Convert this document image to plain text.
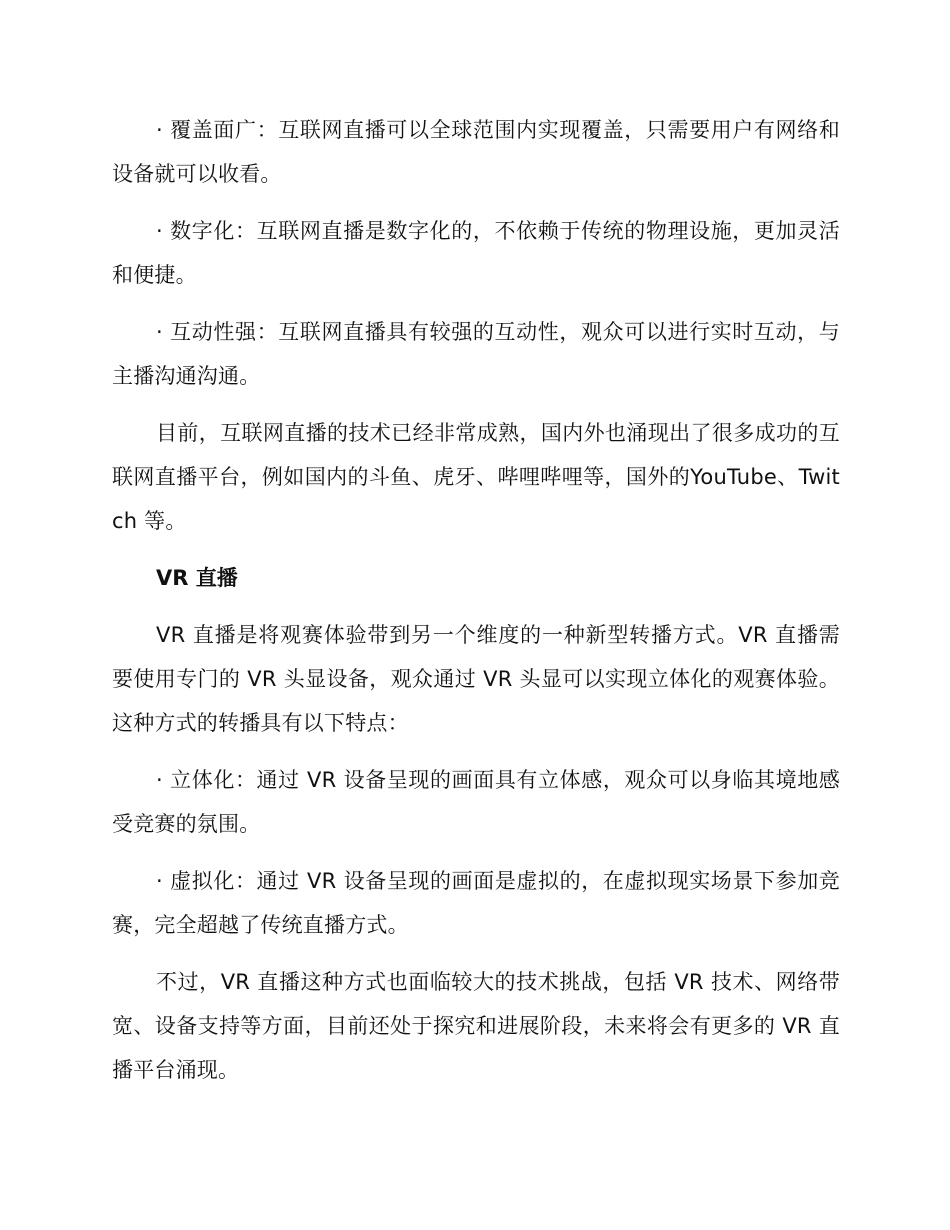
· 覆盖面广：互联网直播可以全球范围内实现覆盖，只需要用户有网络和设备就可以收看。

· 数字化：互联网直播是数字化的，不依赖于传统的物理设施，更加灵活和便捷。

· 互动性强：互联网直播具有较强的互动性，观众可以进行实时互动，与主播沟通沟通。

目前，互联网直播的技术已经非常成熟，国内外也涌现出了很多成功的互联网直播平台，例如国内的斗鱼、虎牙、哔哩哔哩等，国外的YouTube、Twitch 等。

VR 直播

VR 直播是将观赛体验带到另一个维度的一种新型转播方式。VR 直播需要使用专门的 VR 头显设备，观众通过 VR 头显可以实现立体化的观赛体验。这种方式的转播具有以下特点：

· 立体化：通过 VR 设备呈现的画面具有立体感，观众可以身临其境地感受竞赛的氛围。

· 虚拟化：通过 VR 设备呈现的画面是虚拟的，在虚拟现实场景下参加竞赛，完全超越了传统直播方式。

不过，VR 直播这种方式也面临较大的技术挑战，包括 VR 技术、网络带宽、设备支持等方面，目前还处于探究和进展阶段，未来将会有更多的 VR 直播平台涌现。
